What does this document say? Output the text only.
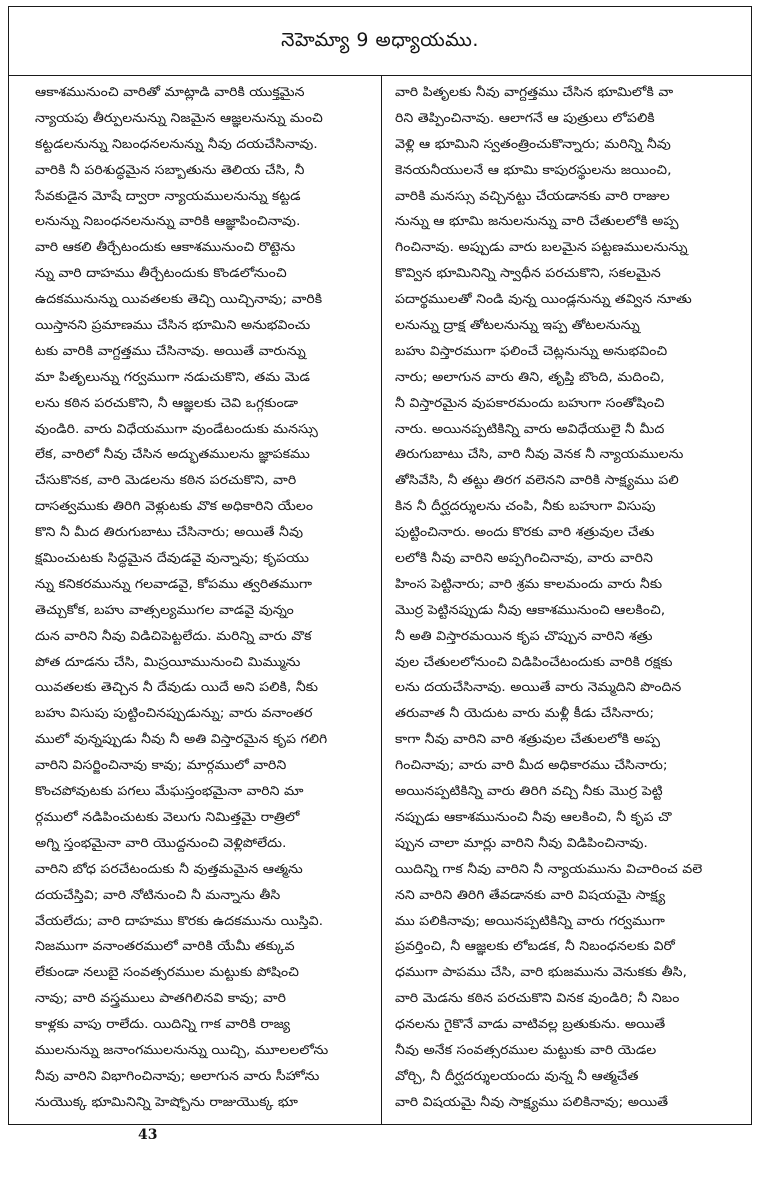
నెహెమ్యా 9 అధ్యాయము.
ఆకాశమునుంచి వారితో మాట్లాడి వారికి యుక్తమైన
న్యాయపు తీర్పులనున్ను నిజమైన ఆజ్ఞలనున్ను మంచి
కట్టడలనున్ను నిబంధనలనున్ను నీవు దయచేసినావు.
వారికి నీ పరిశుద్ధమైన సబ్బాతును తెలియ చేసి, నీ
సేవకుడైన మోషే ద్వారా న్యాయములనున్ను కట్టడ
లనున్ను నిబంధనలనున్ను వారికి ఆజ్ఞాపించినావు.
వారి ఆకలి తీర్చేటందుకు ఆకాశమునుంచి రొట్టెను
న్ను వారి దాహము తీర్చేటందుకు కొండలోనుంచి
ఉదకమునున్ను యివతలకు తెచ్చి యిచ్చినావు; వారికి
యిస్తానని ప్రమాణము చేసిన భూమిని అనుభవించు
టకు వారికి వాగ్దత్తము చేసినావు. అయితే వారున్ను
మా పితృలున్ను గర్వముగా నడుచుకొని, తమ మెడ
లను కఠిన పరచుకొని, నీ ఆజ్ఞలకు చెవి ఒగ్గకుండా
వుండిరి. వారు విధేయముగా వుండేటందుకు మనస్సు
లేక, వారిలో నీవు చేసిన అద్భుతములను జ్ఞాపకము
చేసుకొనక, వారి మెడలను కఠిన పరచుకొని, వారి
దాసత్వముకు తిరిగి వెళ్లుటకు వొక అధికారిని యేలం
కొని నీ మీద తిరుగుబాటు చేసినారు; అయితే నీవు
క్షమించుటకు సిద్ధమైన దేవుడవై వున్నావు; కృపయు
న్ను కనికరమున్ను గలవాడవై, కోపము త్వరితముగా
తెచ్చుకోక, బహు వాత్సల్యముగల వాడవై వున్నం
దున వారిని నీవు విడిచిపెట్టలేదు. మరిన్ని వారు వొక
పోత దూడను చేసి, మిస్రయీమునుంచి మిమ్మును
యివతలకు తెచ్చిన నీ దేవుడు యిదే అని పలికి, నీకు
బహు విసుపు పుట్టించినప్పుడున్ను; వారు వనాంతర
ములో వున్నప్పుడు నీవు నీ అతి విస్తారమైన కృప గలిగి
వారిని విసర్జించినావు కావు; మార్గములో వారిని
కొంచపోవుటకు పగలు మేఘస్తంభమైనా వారిని మా
ర్గములో నడిపించుటకు వెలుగు నిమిత్తమై రాత్రిలో
అగ్ని స్తంభమైనా వారి యొద్దనుంచి వెళ్లిపోలేదు.
వారిని బోధ పరచేటందుకు నీ వుత్తమమైన ఆత్మను
దయచేస్తివి; వారి నోటినుంచి నీ మన్నాను తీసి
వేయలేదు; వారి దాహము కొరకు ఉదకమును యిస్తివి.
నిజముగా వనాంతరములో వారికి యేమీ తక్కువ
లేకుండా నలుబై సంవత్సరముల మట్టుకు పోషించి
నావు; వారి వస్త్రములు పాతగిలినవి కావు; వారి
కాళ్లకు వాపు రాలేదు. యిదిన్ని గాక వారికి రాజ్య
ములనున్ను జనాంగములనున్ను యిచ్చి, మూలలలోను
నీవు వారిని విభాగించినావు; అలాగున వారు సీహోను
నుయొక్క భూమినిన్ని హెష్బోను రాజుయొక్క భూ
వారి పితృలకు నీవు వాగ్దత్తము చేసిన భూమిలోకి వా
రిని తెప్పించినావు. ఆలాగనే ఆ పుత్రులు లోపలికి
వెళ్లి ఆ భూమిని స్వతంత్రించుకొన్నారు; మరిన్ని నీవు
కెనయనీయులనే ఆ భూమి కాపురస్థులను జయించి,
వారికి మనస్సు వచ్చినట్టు చేయడానకు వారి రాజుల
నున్ను ఆ భూమి జనులనున్ను వారి చేతులలోకి అప్ప
గించినావు. అప్పుడు వారు బలమైన పట్టణములనున్ను
కొవ్విన భూమినిన్ని స్వాధీన పరచుకొని, సకలమైన
పదార్థములతో నిండి వున్న యిండ్లనున్ను తవ్విన నూతు
లనున్ను ద్రాక్ష తోటలనున్ను ఇప్ప తోటలనున్ను
బహు విస్తారముగా ఫలించే చెట్లనున్ను అనుభవించి
నారు; అలాగున వారు తిని, తృప్తి బొంది, మదించి,
నీ విస్తారమైన వుపకారమందు బహుగా సంతోషించి
నారు. అయినప్పటికిన్ని వారు అవిధేయులై నీ మీద
తిరుగుబాటు చేసి, వారి నీవు వెనక నీ న్యాయములను
తోసివేసి, నీ తట్టు తిరగ వలెనని వారికి సాక్ష్యము పలి
కిన నీ దీర్ఘదర్శులను చంపి, నీకు బహుగా విసుపు
పుట్టించినారు. అందు కొరకు వారి శత్రువుల చేతు
లలోకి నీవు వారిని అప్పగించినావు, వారు వారిని
హింస పెట్టినారు; వారి శ్రమ కాలమందు వారు నీకు
మొర్ర పెట్టినప్పుడు నీవు ఆకాశమునుంచి ఆలకించి,
నీ అతి విస్తారమయిన కృప చొప్పున వారిని శత్రు
వుల చేతులలోనుంచి విడిపించేటందుకు వారికి రక్షకు
లను దయచేసినావు. అయితే వారు నెమ్మదిని పొందిన
తరువాత నీ యెదుట వారు మళ్లీ కీడు చేసినారు;
కాగా నీవు వారిని వారి శత్రువుల చేతులలోకి అప్ప
గించినావు; వారు వారి మీద అధికారము చేసినారు;
అయినప్పటికిన్ని వారు తిరిగి వచ్చి నీకు మొర్ర పెట్టి
నప్పుడు ఆకాశమునుంచి నీవు ఆలకించి, నీ కృప చొ
ప్పున చాలా మార్లు వారిని నీవు విడిపించినావు.
యిదిన్ని గాక నీవు వారిని నీ న్యాయమును విచారించ వలె
నని వారిని తిరిగి తేవడానకు వారి విషయమై సాక్ష్య
ము పలికినావు; అయినప్పటికిన్ని వారు గర్వముగా
ప్రవర్తించి, నీ ఆజ్ఞలకు లోబడక, నీ నిబంధనలకు విరో
ధముగా పాపము చేసి, వారి భుజమును వెనుకకు తీసి,
వారి మెడను కఠిన పరచుకొని వినక వుండిరి; నీ నిబం
ధనలను గైకొనే వాడు వాటివల్ల బ్రతుకును. అయితే
నీవు అనేక సంవత్సరముల మట్టుకు వారి యెడల
వోర్చి, నీ దీర్ఘదర్శులయందు వున్న నీ ఆత్మచేత
వారి విషయమై నీవు సాక్ష్యము పలికినావు; అయితే
43
